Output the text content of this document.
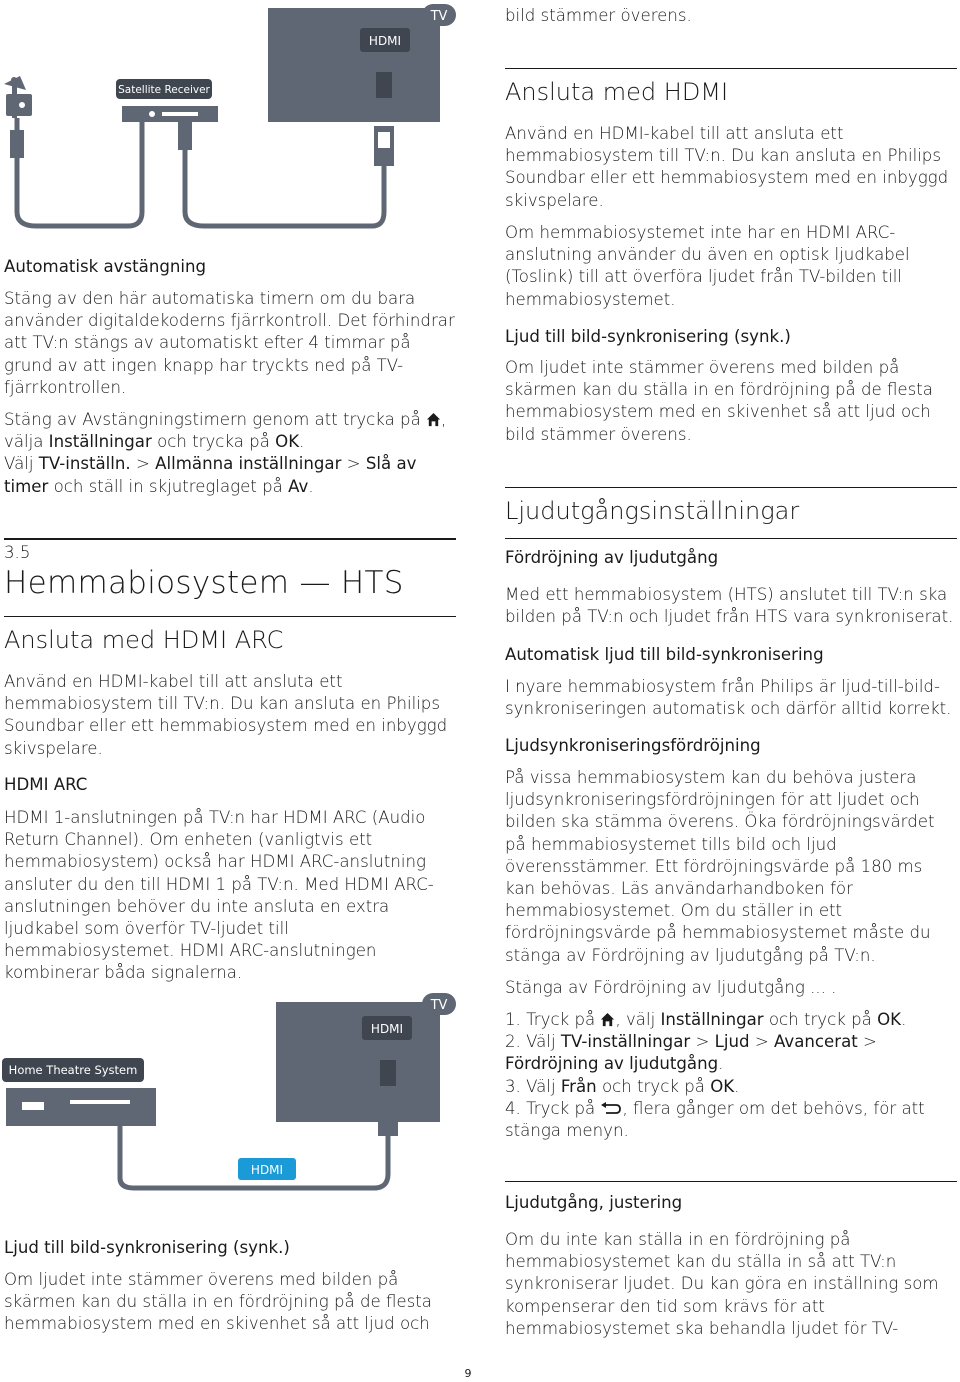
TV
HDMI
Satellite Receiver

Automatisk avstängning

Stäng av den här automatiska timern om du bara använder digitaldekoderns fjärrkontroll. Det förhindrar att TV:n stängs av automatiskt efter 4 timmar på grund av att ingen knapp har tryckts ned på TV-fjärrkontrollen.

Stäng av Avstängningstimern genom att trycka på , välja Inställningar och trycka på OK.
Välj TV-inställn. > Allmänna inställningar > Slå av timer och ställ in skjutreglaget på Av.

3.5
Hemmabiosystem — HTS
Ansluta med HDMI ARC

Använd en HDMI-kabel till att ansluta ett hemmabiosystem till TV:n. Du kan ansluta en Philips Soundbar eller ett hemmabiosystem med en inbyggd skivspelare.

HDMI ARC

HDMI 1-anslutningen på TV:n har HDMI ARC (Audio Return Channel). Om enheten (vanligtvis ett hemmabiosystem) också har HDMI ARC-anslutning ansluter du den till HDMI 1 på TV:n. Med HDMI ARC-anslutningen behöver du inte ansluta en extra ljudkabel som överför TV-ljudet till hemmabiosystemet. HDMI ARC-anslutningen kombinerar båda signalerna.

TV
HDMI
Home Theatre System
HDMI

Ljud till bild-synkronisering (synk.)

Om ljudet inte stämmer överens med bilden på skärmen kan du ställa in en fördröjning på de flesta hemmabiosystem med en skivenhet så att ljud och

bild stämmer överens.

Ansluta med HDMI

Använd en HDMI-kabel till att ansluta ett hemmabiosystem till TV:n. Du kan ansluta en Philips Soundbar eller ett hemmabiosystem med en inbyggd skivspelare.

Om hemmabiosystemet inte har en HDMI ARC-anslutning använder du även en optisk ljudkabel (Toslink) till att överföra ljudet från TV-bilden till hemmabiosystemet.

Ljud till bild-synkronisering (synk.)

Om ljudet inte stämmer överens med bilden på skärmen kan du ställa in en fördröjning på de flesta hemmabiosystem med en skivenhet så att ljud och bild stämmer överens.

Ljudutgångsinställningar

Fördröjning av ljudutgång

Med ett hemmabiosystem (HTS) anslutet till TV:n ska bilden på TV:n och ljudet från HTS vara synkroniserat.

Automatisk ljud till bild-synkronisering

I nyare hemmabiosystem från Philips är ljud-till-bild-synkroniseringen automatisk och därför alltid korrekt.

Ljudsynkroniseringsfördröjning

På vissa hemmabiosystem kan du behöva justera ljudsynkroniseringsfördröjningen för att ljudet och bilden ska stämma överens. Öka fördröjningsvärdet på hemmabiosystemet tills bild och ljud överensstämmer. Ett fördröjningsvärde på 180 ms kan behövas. Läs användarhandboken för hemmabiosystemet. Om du ställer in ett fördröjningsvärde på hemmabiosystemet måste du stänga av Fördröjning av ljudutgång på TV:n.

Stänga av Fördröjning av ljudutgång ... .

1. Tryck på , välj Inställningar och tryck på OK.
2. Välj TV-inställningar > Ljud > Avancerat >
Fördröjning av ljudutgång.
3. Välj Från och tryck på OK.
4. Tryck på , flera gånger om det behövs, för att stänga menyn.

Ljudutgång, justering

Om du inte kan ställa in en fördröjning på hemmabiosystemet kan du ställa in så att TV:n synkroniserar ljudet. Du kan göra en inställning som kompenserar den tid som krävs för att hemmabiosystemet ska behandla ljudet för TV-

9
